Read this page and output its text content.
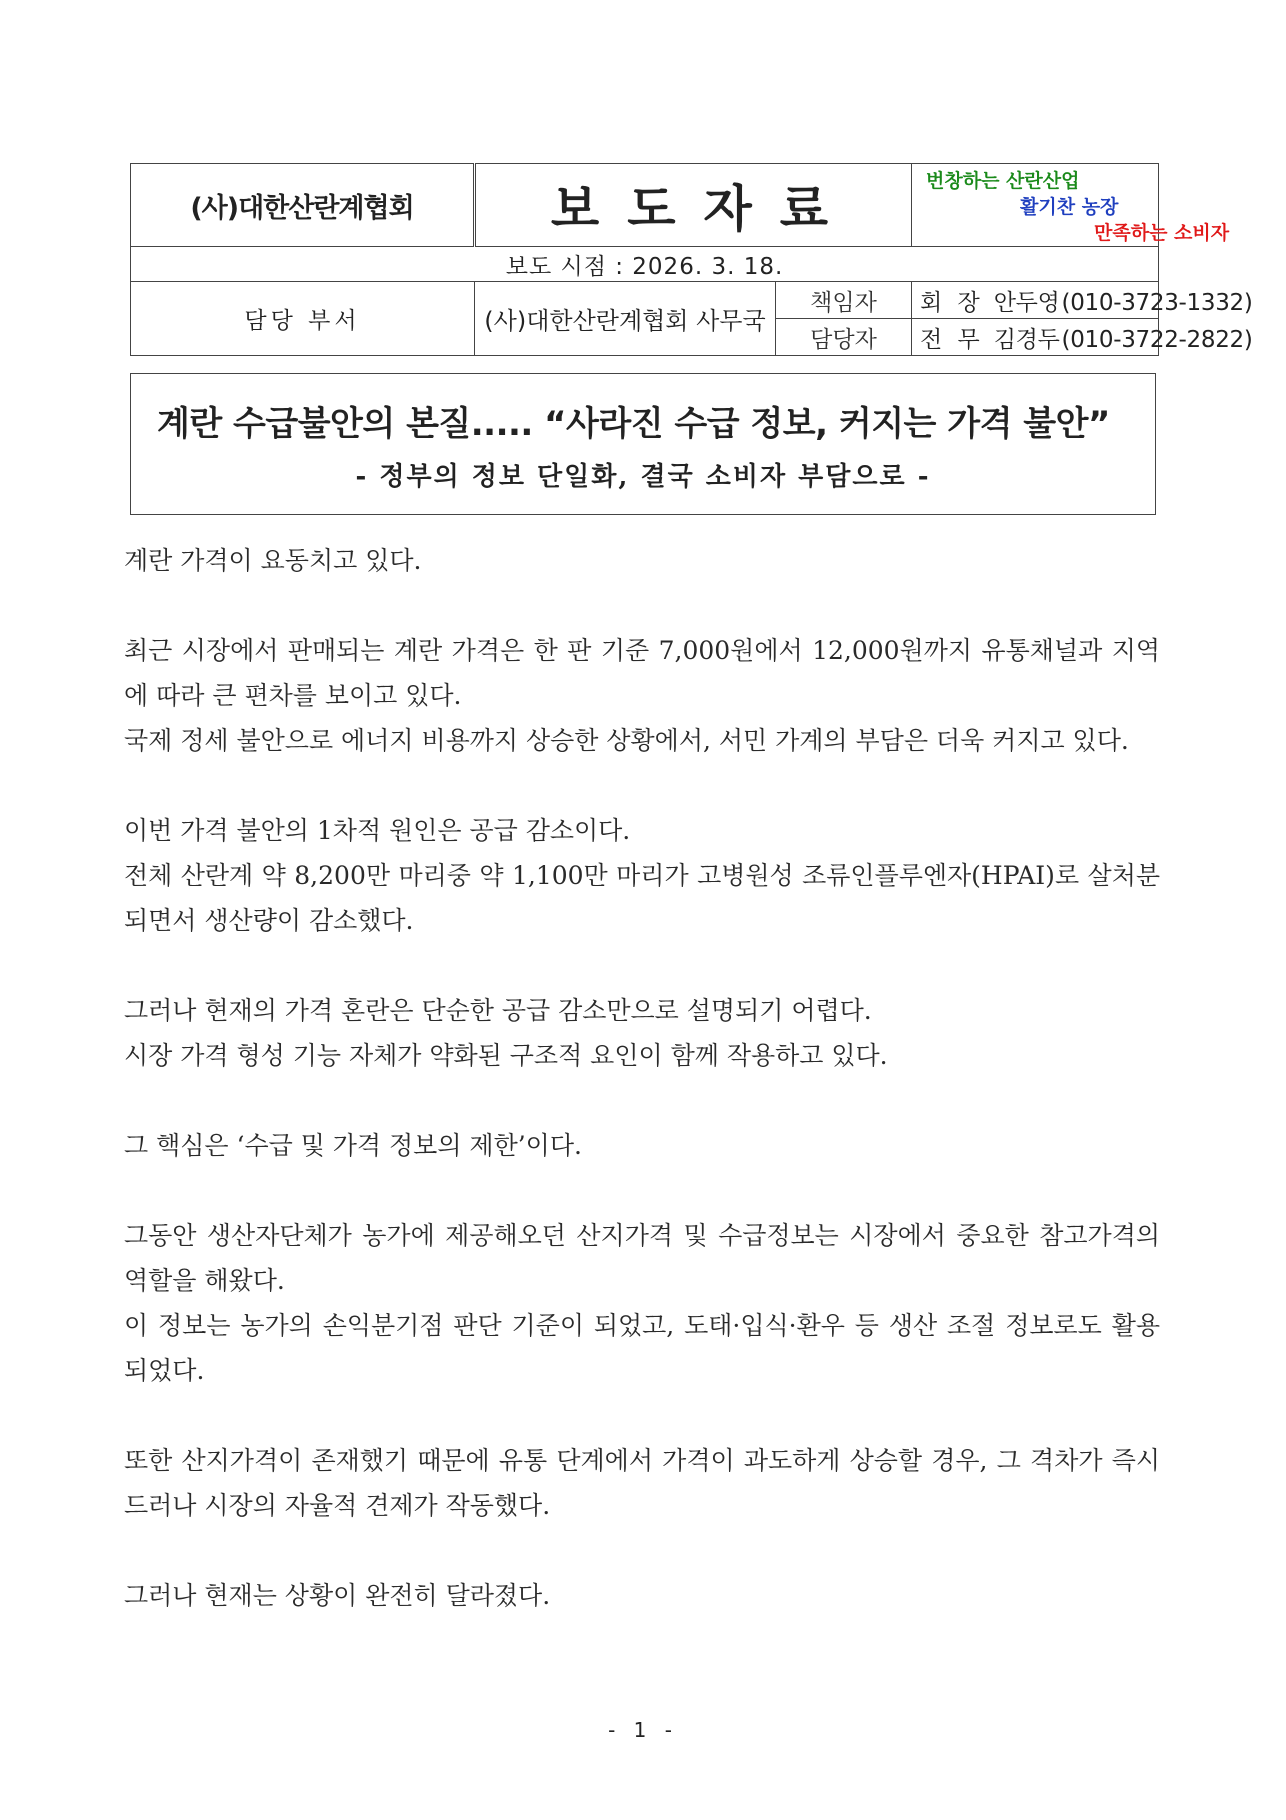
(사)대한산란계협회	보도자료		번창하는 산란산업
활기찬 농장
만족하는 소비자

보도 시점 : 2026. 3. 18.			
담당 부서	(사)대한산란계협회 사무국	책임자	회 장 안두영(010-3723-1332)
		담당자	전 무 김경두(010-3722-2822)
계란 수급불안의 본질..... “사라진 수급 정보, 커지는 가격 불안”
- 정부의 정보 단일화, 결국 소비자 부담으로 -

계란 가격이 요동치고 있다.

최근 시장에서 판매되는 계란 가격은 한 판 기준 7,000원에서 12,000원까지 유통채널과 지역에 따라 큰 편차를 보이고 있다.
국제 정세 불안으로 에너지 비용까지 상승한 상황에서, 서민 가계의 부담은 더욱 커지고 있다.

이번 가격 불안의 1차적 원인은 공급 감소이다.
전체 산란계 약 8,200만 마리중 약 1,100만 마리가 고병원성 조류인플루엔자(HPAI)로 살처분되면서 생산량이 감소했다.

그러나 현재의 가격 혼란은 단순한 공급 감소만으로 설명되기 어렵다.
시장 가격 형성 기능 자체가 약화된 구조적 요인이 함께 작용하고 있다.

그 핵심은 ‘수급 및 가격 정보의 제한’이다.

그동안 생산자단체가 농가에 제공해오던 산지가격 및 수급정보는 시장에서 중요한 참고가격의 역할을 해왔다.
이 정보는 농가의 손익분기점 판단 기준이 되었고, 도태·입식·환우 등 생산 조절 정보로도 활용되었다.

또한 산지가격이 존재했기 때문에 유통 단계에서 가격이 과도하게 상승할 경우, 그 격차가 즉시 드러나 시장의 자율적 견제가 작동했다.

그러나 현재는 상황이 완전히 달라졌다.

- 1 -
